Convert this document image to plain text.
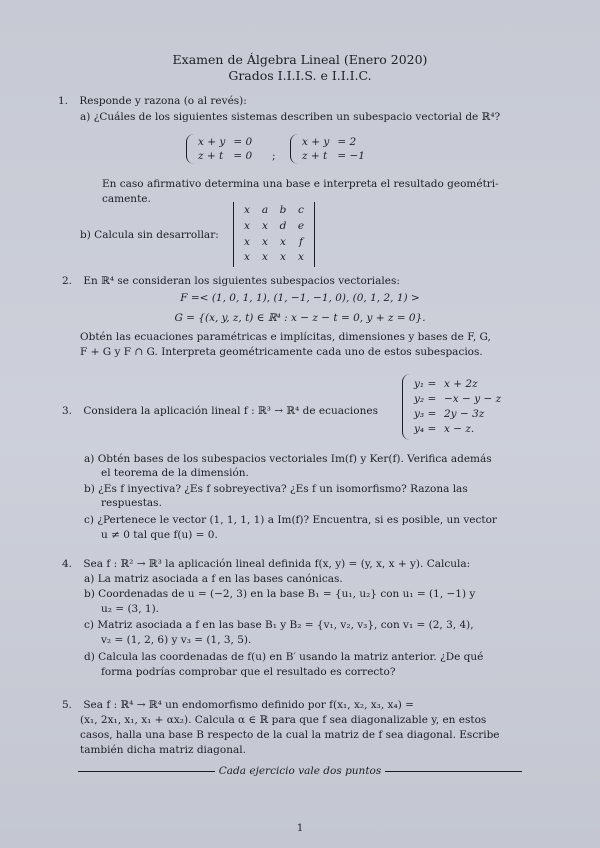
Examen de Álgebra Lineal (Enero 2020)
Grados I.I.I.S. e I.I.I.C.
1. Responde y razona (o al revés):
a) ¿Cuáles de los siguientes sistemas describen un subespacio vectorial de ℝ⁴?
x + y = 0
z + t = 0 ;
x + y = 2
z + t = −1
En caso afirmativo determina una base e interpreta el resultado geométri-
camente.
b) Calcula sin desarrollar:
x	a	b	c
x	x	d	e
x	x	x	f
x	x	x	x
2. En ℝ⁴ se consideran los siguientes subespacios vectoriales:
F =< (1, 0, 1, 1), (1, −1, −1, 0), (0, 1, 2, 1) >
G = {(x, y, z, t) ∈ ℝ⁴ : x − z − t = 0, y + z = 0}.
Obtén las ecuaciones paramétricas e implícitas, dimensiones y bases de F, G,
F + G y F ∩ G. Interpreta geométricamente cada uno de estos subespacios.
3. Considera la aplicación lineal f : ℝ³ → ℝ⁴ de ecuaciones
y₁ = x + 2z
y₂ = −x − y − z
y₃ = 2y − 3z
y₄ = x − z.
a) Obtén bases de los subespacios vectoriales Im(f) y Ker(f). Verifica además
el teorema de la dimensión.
b) ¿Es f inyectiva? ¿Es f sobreyectiva? ¿Es f un isomorfismo? Razona las
respuestas.
c) ¿Pertenece le vector (1, 1, 1, 1) a Im(f)? Encuentra, si es posible, un vector
u ≠ 0 tal que f(u) = 0.
4. Sea f : ℝ² → ℝ³ la aplicación lineal definida f(x, y) = (y, x, x + y). Calcula:
a) La matriz asociada a f en las bases canónicas.
b) Coordenadas de u = (−2, 3) en la base B₁ = {u₁, u₂} con u₁ = (1, −1) y
u₂ = (3, 1).
c) Matriz asociada a f en las base B₁ y B₂ = {v₁, v₂, v₃}, con v₁ = (2, 3, 4),
v₂ = (1, 2, 6) y v₃ = (1, 3, 5).
d) Calcula las coordenadas de f(u) en B′ usando la matriz anterior. ¿De qué
forma podrías comprobar que el resultado es correcto?
5. Sea f : ℝ⁴ → ℝ⁴ un endomorfismo definido por f(x₁, x₂, x₃, x₄) =
(x₁, 2x₁, x₁, x₁ + αx₂). Calcula α ∈ ℝ para que f sea diagonalizable y, en estos
casos, halla una base B respecto de la cual la matriz de f sea diagonal. Escribe
también dicha matriz diagonal.
Cada ejercicio vale dos puntos
1
